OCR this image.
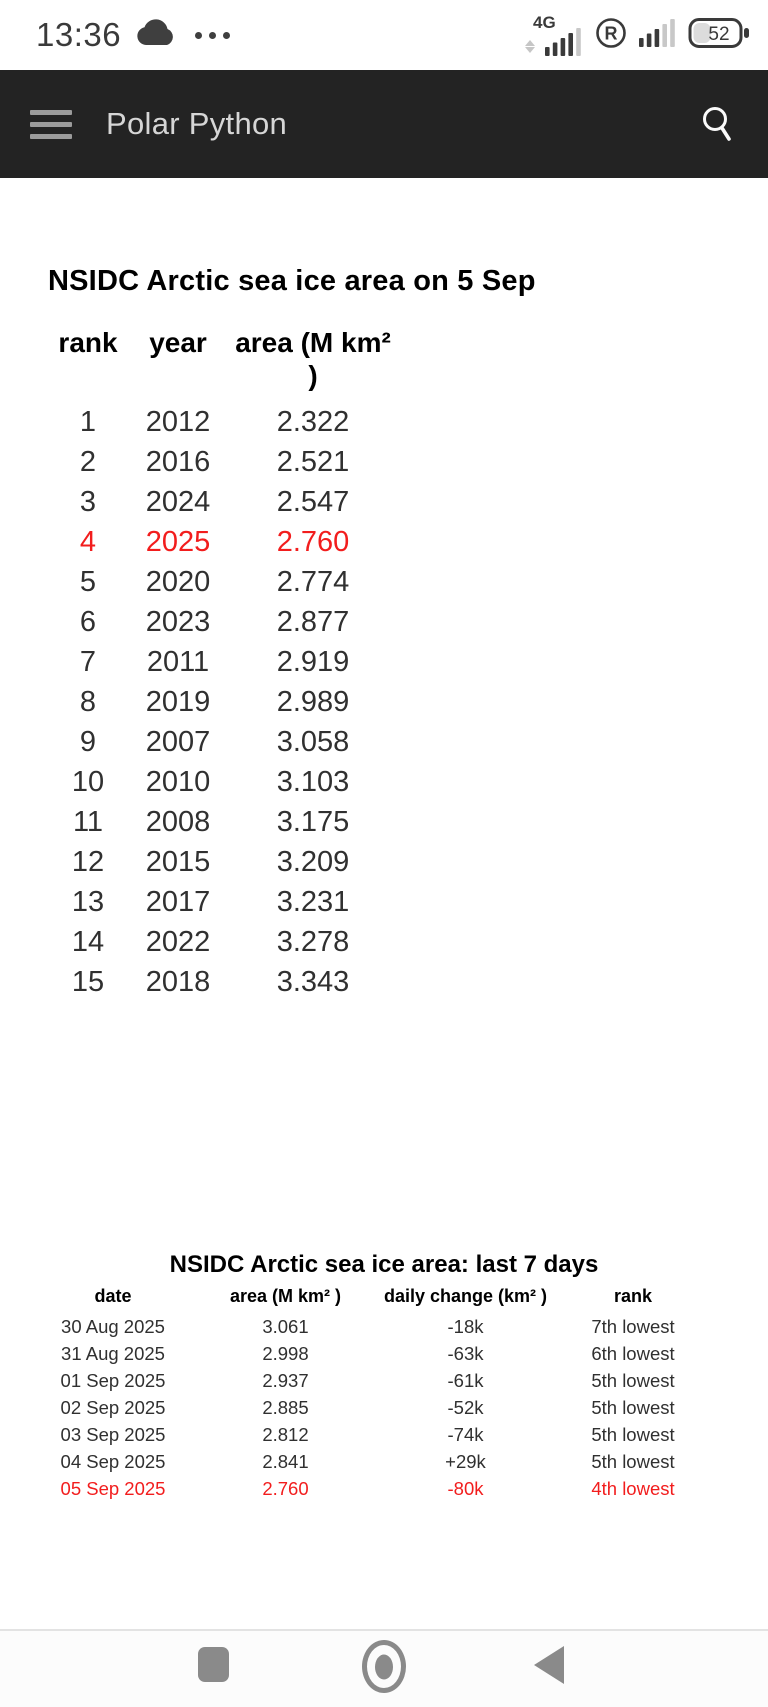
13:36	4G
R	52
Polar Python
NSIDC Arctic sea ice area on 5 Sep
rank	year	area (M km² )
1	2012	2.322
2	2016	2.521
3	2024	2.547
4	2025	2.760
5	2020	2.774
6	2023	2.877
7	2011	2.919
8	2019	2.989
9	2007	3.058
10	2010	3.103
11	2008	3.175
12	2015	3.209
13	2017	3.231
14	2022	3.278
15	2018	3.343
NSIDC Arctic sea ice area: last 7 days
date	area (M km² )	daily change (km² )	rank
30 Aug 2025	3.061	-18k	7th lowest
31 Aug 2025	2.998	-63k	6th lowest
01 Sep 2025	2.937	-61k	5th lowest
02 Sep 2025	2.885	-52k	5th lowest
03 Sep 2025	2.812	-74k	5th lowest
04 Sep 2025	2.841	+29k	5th lowest
05 Sep 2025	2.760	-80k	4th lowest
